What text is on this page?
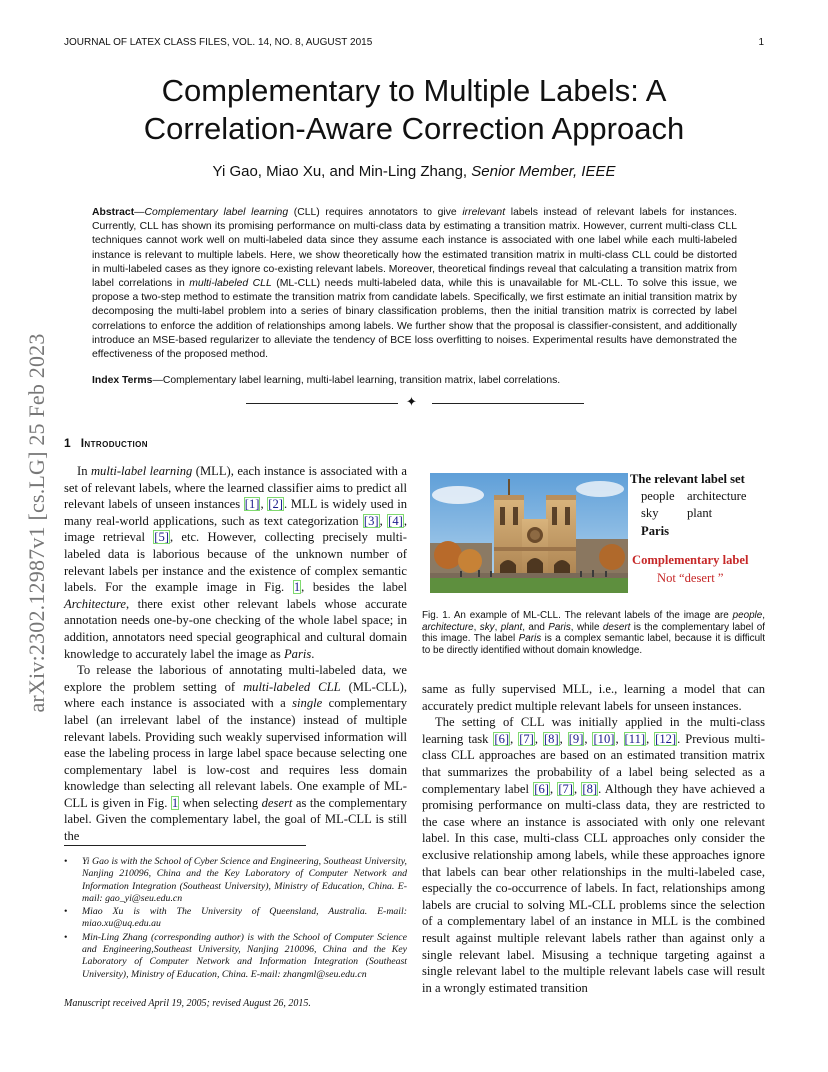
JOURNAL OF LATEX CLASS FILES, VOL. 14, NO. 8, AUGUST 2015	1
arXiv:2302.12987v1 [cs.LG] 25 Feb 2023
Complementary to Multiple Labels: A
Correlation-Aware Correction Approach
Yi Gao, Miao Xu, and Min-Ling Zhang, Senior Member, IEEE
Abstract—Complementary label learning (CLL) requires annotators to give irrelevant labels instead of relevant labels for instances. Currently, CLL has shown its promising performance on multi-class data by estimating a transition matrix. However, current multi-class CLL techniques cannot work well on multi-labeled data since they assume each instance is associated with one label while each multi-labeled instance is relevant to multiple labels. Here, we show theoretically how the estimated transition matrix in multi-class CLL could be distorted in multi-labeled cases as they ignore co-existing relevant labels. Moreover, theoretical findings reveal that calculating a transition matrix from label correlations in multi-labeled CLL (ML-CLL) needs multi-labeled data, while this is unavailable for ML-CLL. To solve this issue, we propose a two-step method to estimate the transition matrix from candidate labels. Specifically, we first estimate an initial transition matrix by decomposing the multi-label problem into a series of binary classification problems, then the initial transition matrix is corrected by label correlations to enforce the addition of relationships among labels. We further show that the proposal is classifier-consistent, and additionally introduce an MSE-based regularizer to alleviate the tendency of BCE loss overfitting to noises. Experimental results have demonstrated the effectiveness of the proposed method.
Index Terms—Complementary label learning, multi-label learning, transition matrix, label correlations.
✦
1 Introduction

In multi-label learning (MLL), each instance is associated with a set of relevant labels, where the learned classifier aims to predict all relevant labels of unseen instances [1], [2]. MLL is widely used in many real-world applications, such as text categorization [3], [4], image retrieval [5], etc. However, collecting precisely multi-labeled data is laborious because of the unknown number of relevant labels per instance and the existence of complex semantic labels. For the example image in Fig. 1, besides the label Architecture, there exist other relevant labels whose accurate annotation needs one-by-one checking of the whole label space; in addition, annotators need special geographical and cultural domain knowledge to accurately label the image as Paris.

To release the laborious of annotating multi-labeled data, we explore the problem setting of multi-labeled CLL (ML-CLL), where each instance is associated with a single complementary label (an irrelevant label of the instance) instead of multiple relevant labels. Providing such weakly supervised information will ease the labeling process in large label space because selecting one complementary label is low-cost and requires less domain knowledge than selecting all relevant labels. One example of ML-CLL is given in Fig. 1 when selecting desert as the complementary label. Given the complementary label, the goal of ML-CLL is still the

• Yi Gao is with the School of Cyber Science and Engineering, Southeast University, Nanjing 210096, China and the Key Laboratory of Computer Network and Information Integration (Southeast University), Ministry of Education, China. E-mail: gao_yi@seu.edu.cn
• Miao Xu is with The University of Queensland, Australia. E-mail: miao.xu@uq.edu.au
• Min-Ling Zhang (corresponding author) is with the School of Computer Science and Engineering,Southeast University, Nanjing 210096, China and the Key Laboratory of Computer Network and Information Integration (Southeast University), Ministry of Education, China. E-mail: zhangml@seu.edu.cn
Manuscript received April 19, 2005; revised August 26, 2015.
The relevant label set
people architecture
sky	plant
Paris
Complementary label
Not “desert ”
Fig. 1. An example of ML-CLL. The relevant labels of the image are people, architecture, sky, plant, and Paris, while desert is the complementary label of this image. The label Paris is a complex semantic label, because it is difficult to be directly identified without domain knowledge.

same as fully supervised MLL, i.e., learning a model that can accurately predict multiple relevant labels for unseen instances.

The setting of CLL was initially applied in the multi-class learning task [6], [7], [8], [9], [10], [11], [12]. Previous multi-class CLL approaches are based on an estimated transition matrix that summarizes the probability of a label being selected as a complementary label [6], [7], [8]. Although they have achieved a promising performance on multi-class data, they are restricted to the case where an instance is associated with only one relevant label. In this case, multi-class CLL approaches only consider the exclusive relationship among labels, while these approaches ignore that labels can bear other relationships in the multi-labeled case, especially the co-occurrence of labels. In fact, relationships among labels are crucial to solving ML-CLL problems since the selection of a complementary label of an instance in MLL is the combined result against multiple relevant labels rather than against only a single relevant label. Misusing a technique targeting against a single relevant label to the multiple relevant labels case will result in a wrongly estimated transition
